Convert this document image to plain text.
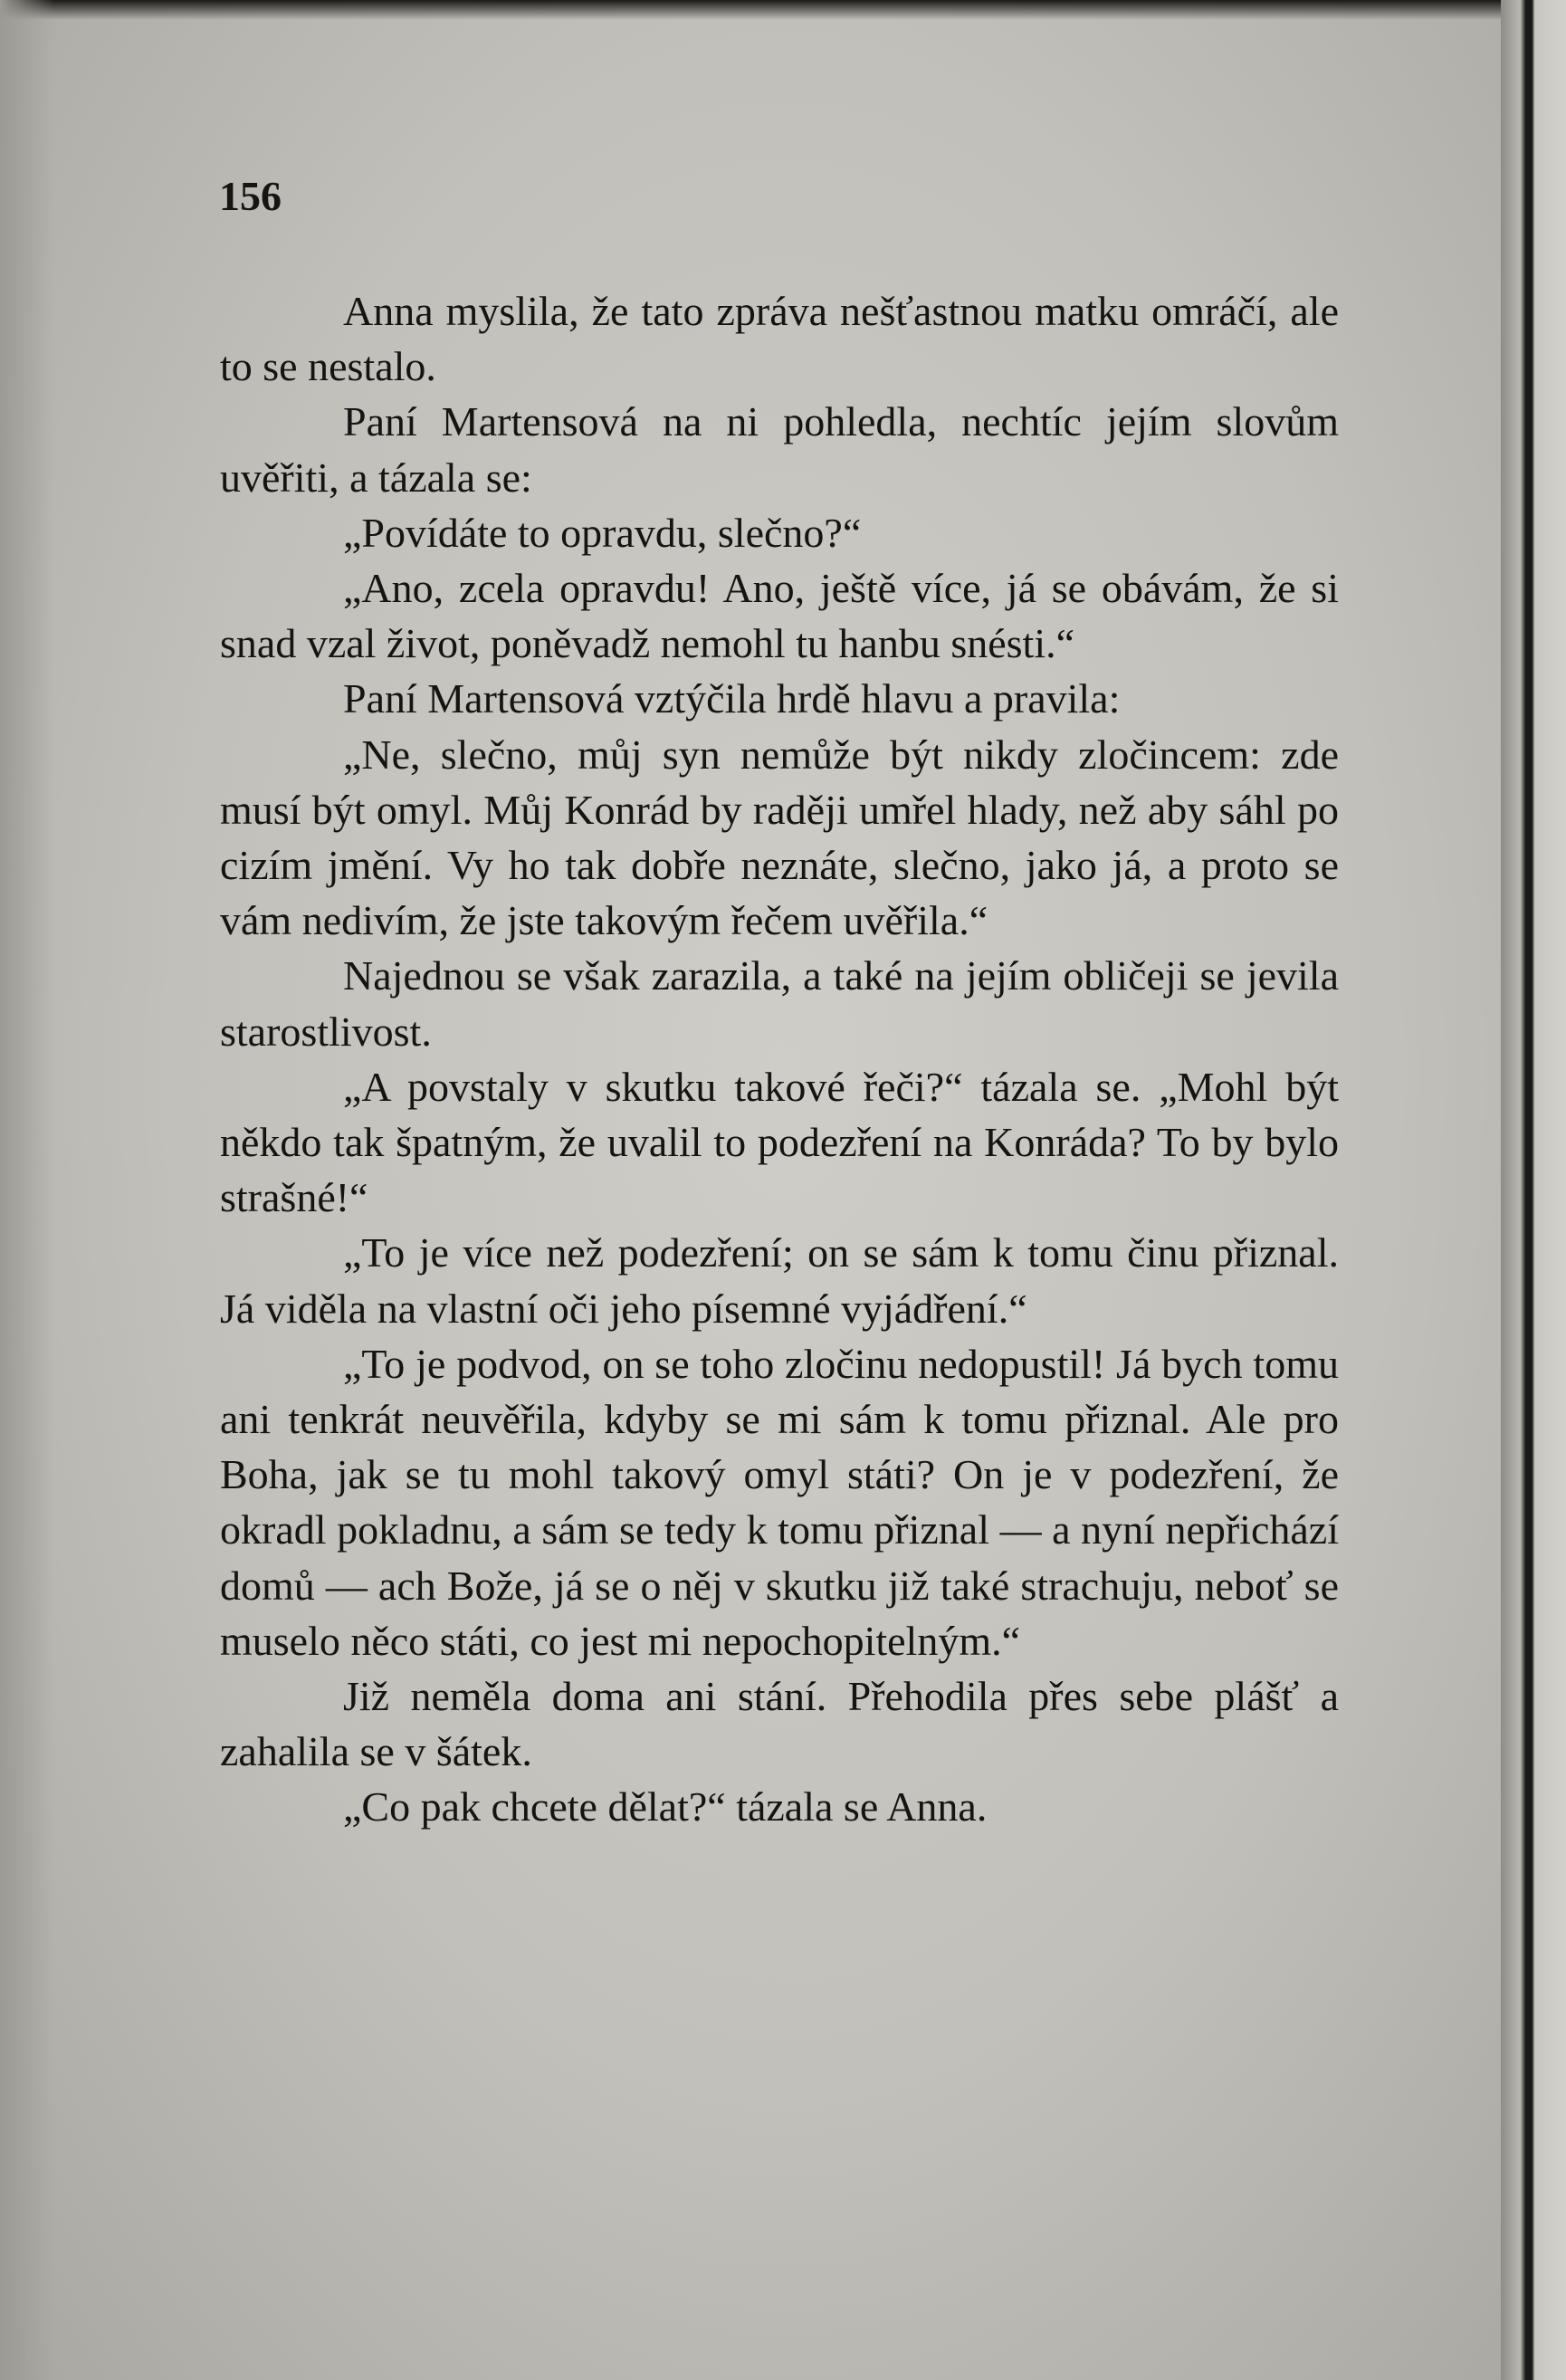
156

Anna myslila, že tato zpráva nešťastnou matku omráčí, ale to se nestalo.

Paní Martensová na ni pohledla, nechtíc jejím slovům uvěřiti, a tázala se:

„Povídáte to opravdu, slečno?“

„Ano, zcela opravdu! Ano, ještě více, já se obávám, že si snad vzal život, poněvadž nemohl tu hanbu snésti.“

Paní Martensová vztýčila hrdě hlavu a pravila:

„Ne, slečno, můj syn nemůže být nikdy zločincem: zde musí být omyl. Můj Konrád by raději umřel hlady, než aby sáhl po cizím jmění. Vy ho tak dobře neznáte, slečno, jako já, a proto se vám nedivím, že jste takovým řečem uvěřila.“

Najednou se však zarazila, a také na jejím obličeji se jevila starostlivost.

„A povstaly v skutku takové řeči?“ tázala se. „Mohl být někdo tak špatným, že uvalil to podezření na Konráda? To by bylo strašné!“

„To je více než podezření; on se sám k tomu činu přiznal. Já viděla na vlastní oči jeho písemné vyjádření.“

„To je podvod, on se toho zločinu nedopustil! Já bych tomu ani tenkrát neuvěřila, kdyby se mi sám k tomu přiznal. Ale pro Boha, jak se tu mohl takový omyl státi? On je v podezření, že okradl pokladnu, a sám se tedy k tomu přiznal — a nyní nepřichází domů — ach Bože, já se o něj v skutku již také strachuju, neboť se muselo něco státi, co jest mi nepochopitelným.“

Již neměla doma ani stání. Přehodila přes sebe plášť a zahalila se v šátek.

„Co pak chcete dělat?“ tázala se Anna.
